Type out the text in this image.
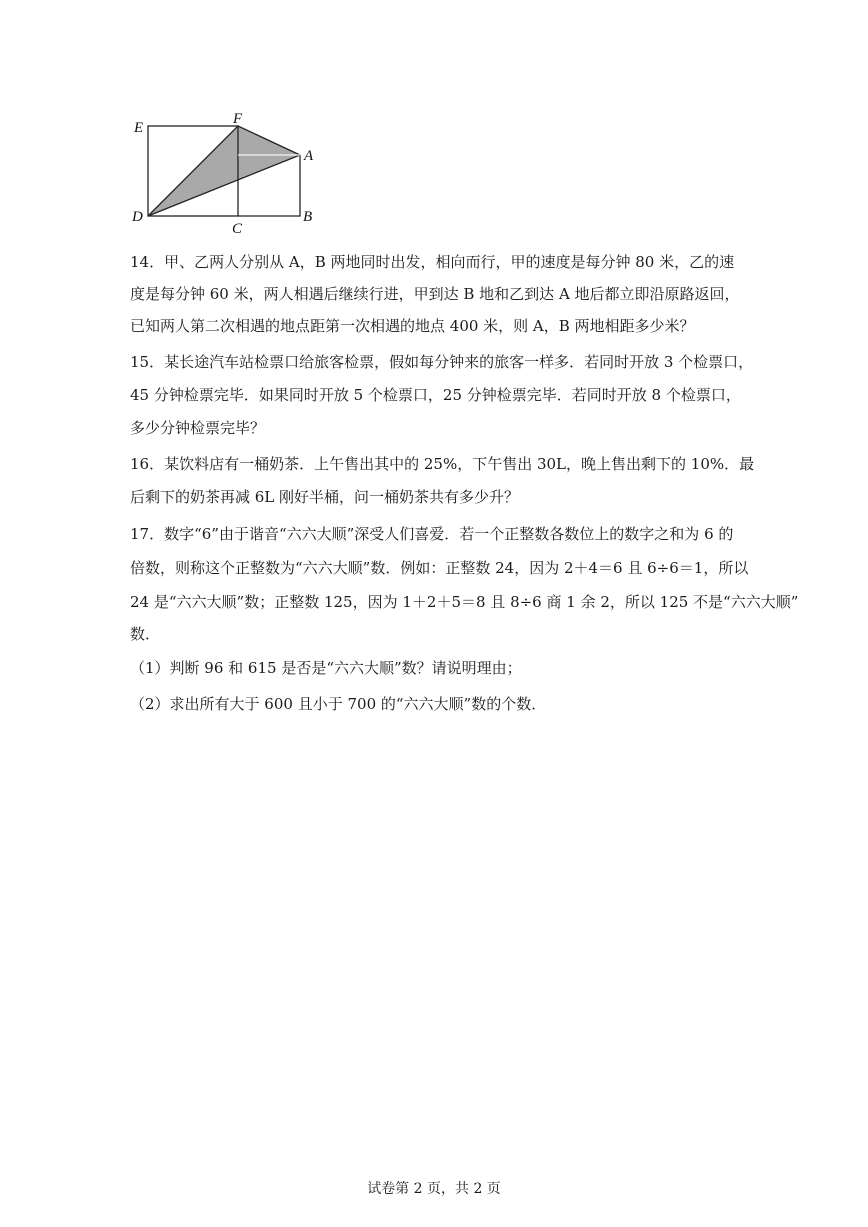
E
F
A
D
C
B
14．甲、乙两人分别从 A，B 两地同时出发，相向而行，甲的速度是每分钟 80 米，乙的速
度是每分钟 60 米，两人相遇后继续行进，甲到达 B 地和乙到达 A 地后都立即沿原路返回，
已知两人第二次相遇的地点距第一次相遇的地点 400 米，则 A，B 两地相距多少米？
15．某长途汽车站检票口给旅客检票，假如每分钟来的旅客一样多．若同时开放 3 个检票口，
45 分钟检票完毕．如果同时开放 5 个检票口，25 分钟检票完毕．若同时开放 8 个检票口，
多少分钟检票完毕？
16．某饮料店有一桶奶茶．上午售出其中的 25%，下午售出 30L，晚上售出剩下的 10%．最
后剩下的奶茶再减 6L 刚好半桶，问一桶奶茶共有多少升？
17．数字“6”由于谐音“六六大顺”深受人们喜爱．若一个正整数各数位上的数字之和为 6 的
倍数，则称这个正整数为“六六大顺”数．例如：正整数 24，因为 2＋4＝6 且 6÷6＝1，所以
24 是“六六大顺”数；正整数 125，因为 1＋2＋5＝8 且 8÷6 商 1 余 2，所以 125 不是“六六大顺”
数．
（1）判断 96 和 615 是否是“六六大顺”数？请说明理由；
（2）求出所有大于 600 且小于 700 的“六六大顺”数的个数．
试卷第 2 页，共 2 页
